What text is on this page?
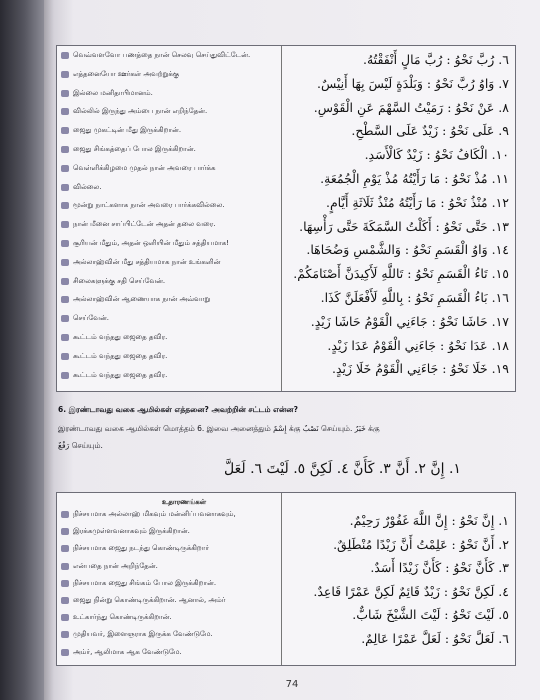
வெவ்வளவோ பணத்தை நான் செலவு செய்துவிட்டேன்.
எத்தனையோ ஊர்கள் அவற்றுக்கு
இல்லை மனிதாபிமானம்.
வில்லில் இருந்து அம்பை நான் எறிந்தேன்.
ஜைது முகட்டின் மீது இருக்கிறான்.
ஜைது சிங்கத்தைப் போல இருக்கிறான்.
வெள்ளிக்கிழமை முதல் நான் அவரை பார்க்க
வில்லை.
மூன்று நாட்களாக நான் அவரை பார்க்கவில்லை.
நான் மீனை சாப்பிட்டேன் அதன் தலை வரை.
சூரியன் மீதும், அதன் ஒளியின் மீதும் சத்தியமாக!
அல்லாஹ்வின் மீது சத்தியமாக நான் உங்களின்
சிலைகளுக்கு சதி செய்வேன்.
அல்லாஹ்வின் ஆணையாக நான் அவ்வாறு
செய்வேன்.
கூட்டம் வந்தது ஜைதை தவிர.
கூட்டம் வந்தது ஜைதை தவிர.
கூட்டம் வந்தது ஜைதை தவிர.
٦. رُبَّ نَحْوُ : رُبَّ مَالٍ أَنْفَقْتُهُ.
٧. وَاوُ رُبَّ نَحْوُ : وَبَلْدَةٍ لَيْسَ بِهَا أَنِيْسٌ.
٨. عَنْ نَحْوُ : رَمَيْتُ السَّهْمَ عَنِ الْقَوْسِ.
٩. عَلَى نَحْوُ : زَيْدٌ عَلَى السَّطْحِ.
١٠. الْكَافُ نَحْوُ : زَيْدٌ كَالْأَسَدِ.
١١. مُذْ نَحْوُ : مَا رَأَيْتُهُ مُذْ يَوْمِ الْجُمُعَةِ.
١٢. مُنْذُ نَحْوُ : مَا رَأَيْتُهُ مُنْذُ ثَلَاثَةِ أَيَّامٍ.
١٣. حَتَّى نَحْوُ : أَكَلْتُ السَّمَكَةَ حَتَّى رَأْسِهَا.
١٤. وَاوُ الْقَسَمِ نَحْوُ : وَالشَّمْسِ وَضُحَاهَا.
١٥. تَاءُ الْقَسَمِ نَحْوُ : تَاللَّهِ لَأَكِيدَنَّ أَصْنَامَكُمْ.
١٦. بَاءُ الْقَسَمِ نَحْوُ : بِاللَّهِ لَأَفْعَلَنَّ كَذَا.
١٧. حَاشَا نَحْوُ : جَاءَنِي الْقَوْمُ حَاشَا زَيْدٍ.
١٨. عَدَا نَحْوُ : جَاءَنِي الْقَوْمُ عَدَا زَيْدٍ.
١٩. خَلَا نَحْوُ : جَاءَنِي الْقَوْمُ خَلَا زَيْدٍ.
6. இரண்டாவது வகை ஆமில்கள் எத்தனை? அவற்றின் சட்டம் என்ன?
இரண்டாவது வகை ஆமில்கள் மொத்தம் 6. இவை அனைத்தும் إِسْمٌ க்கு نَصْبٌ செய்யும். خَبَرٌ க்கு
رَفْعٌ செய்யும்.
١. إِنَّ ٢. أَنَّ ٣. كَأَنَّ ٤. لَكِنَّ ٥. لَيْتَ ٦. لَعَلَّ
நிச்சயமாக அல்லாஹ் மிகவும் மன்னிப்பவனாகவும்,
இரக்கமுள்ளவனாகவும் இருக்கிறான்.
நிச்சயமாக ஜைது நடந்து கொண்டிருக்கிறார்
என்பதை நான் அறிந்தேன்.
நிச்சயமாக ஜைது சிங்கம் போல இருக்கிறான்.
ஜைது நின்று கொண்டிருக்கிறான். ஆனால், அம்ர்
உட்கார்ந்து கொண்டிருக்கிறான்.
முதியவர், இளைஞராக இருக்க வேண்டுமே.
அம்ர், ஆலிமாக ஆக வேண்டுமே.
١. إِنَّ نَحْوُ : إِنَّ اللَّهَ غَفُوْرٌ رَحِيْمٌ.
٢. أَنَّ نَحْوُ : عَلِمْتُ أَنَّ زَيْدًا مُنْطَلِقٌ.
٣. كَأَنَّ نَحْوُ : كَأَنَّ زَيْدًا أَسَدٌ.
٤. لَكِنَّ نَحْوُ : زَيْدٌ قَائِمٌ لَكِنَّ عَمْرًا قَاعِدٌ.
٥. لَيْتَ نَحْوُ : لَيْتَ الشَّيْخَ شَابٌّ.
٦. لَعَلَّ نَحْوُ : لَعَلَّ عَمْرًا عَالِمٌ.
உதாரணங்கள்
74
